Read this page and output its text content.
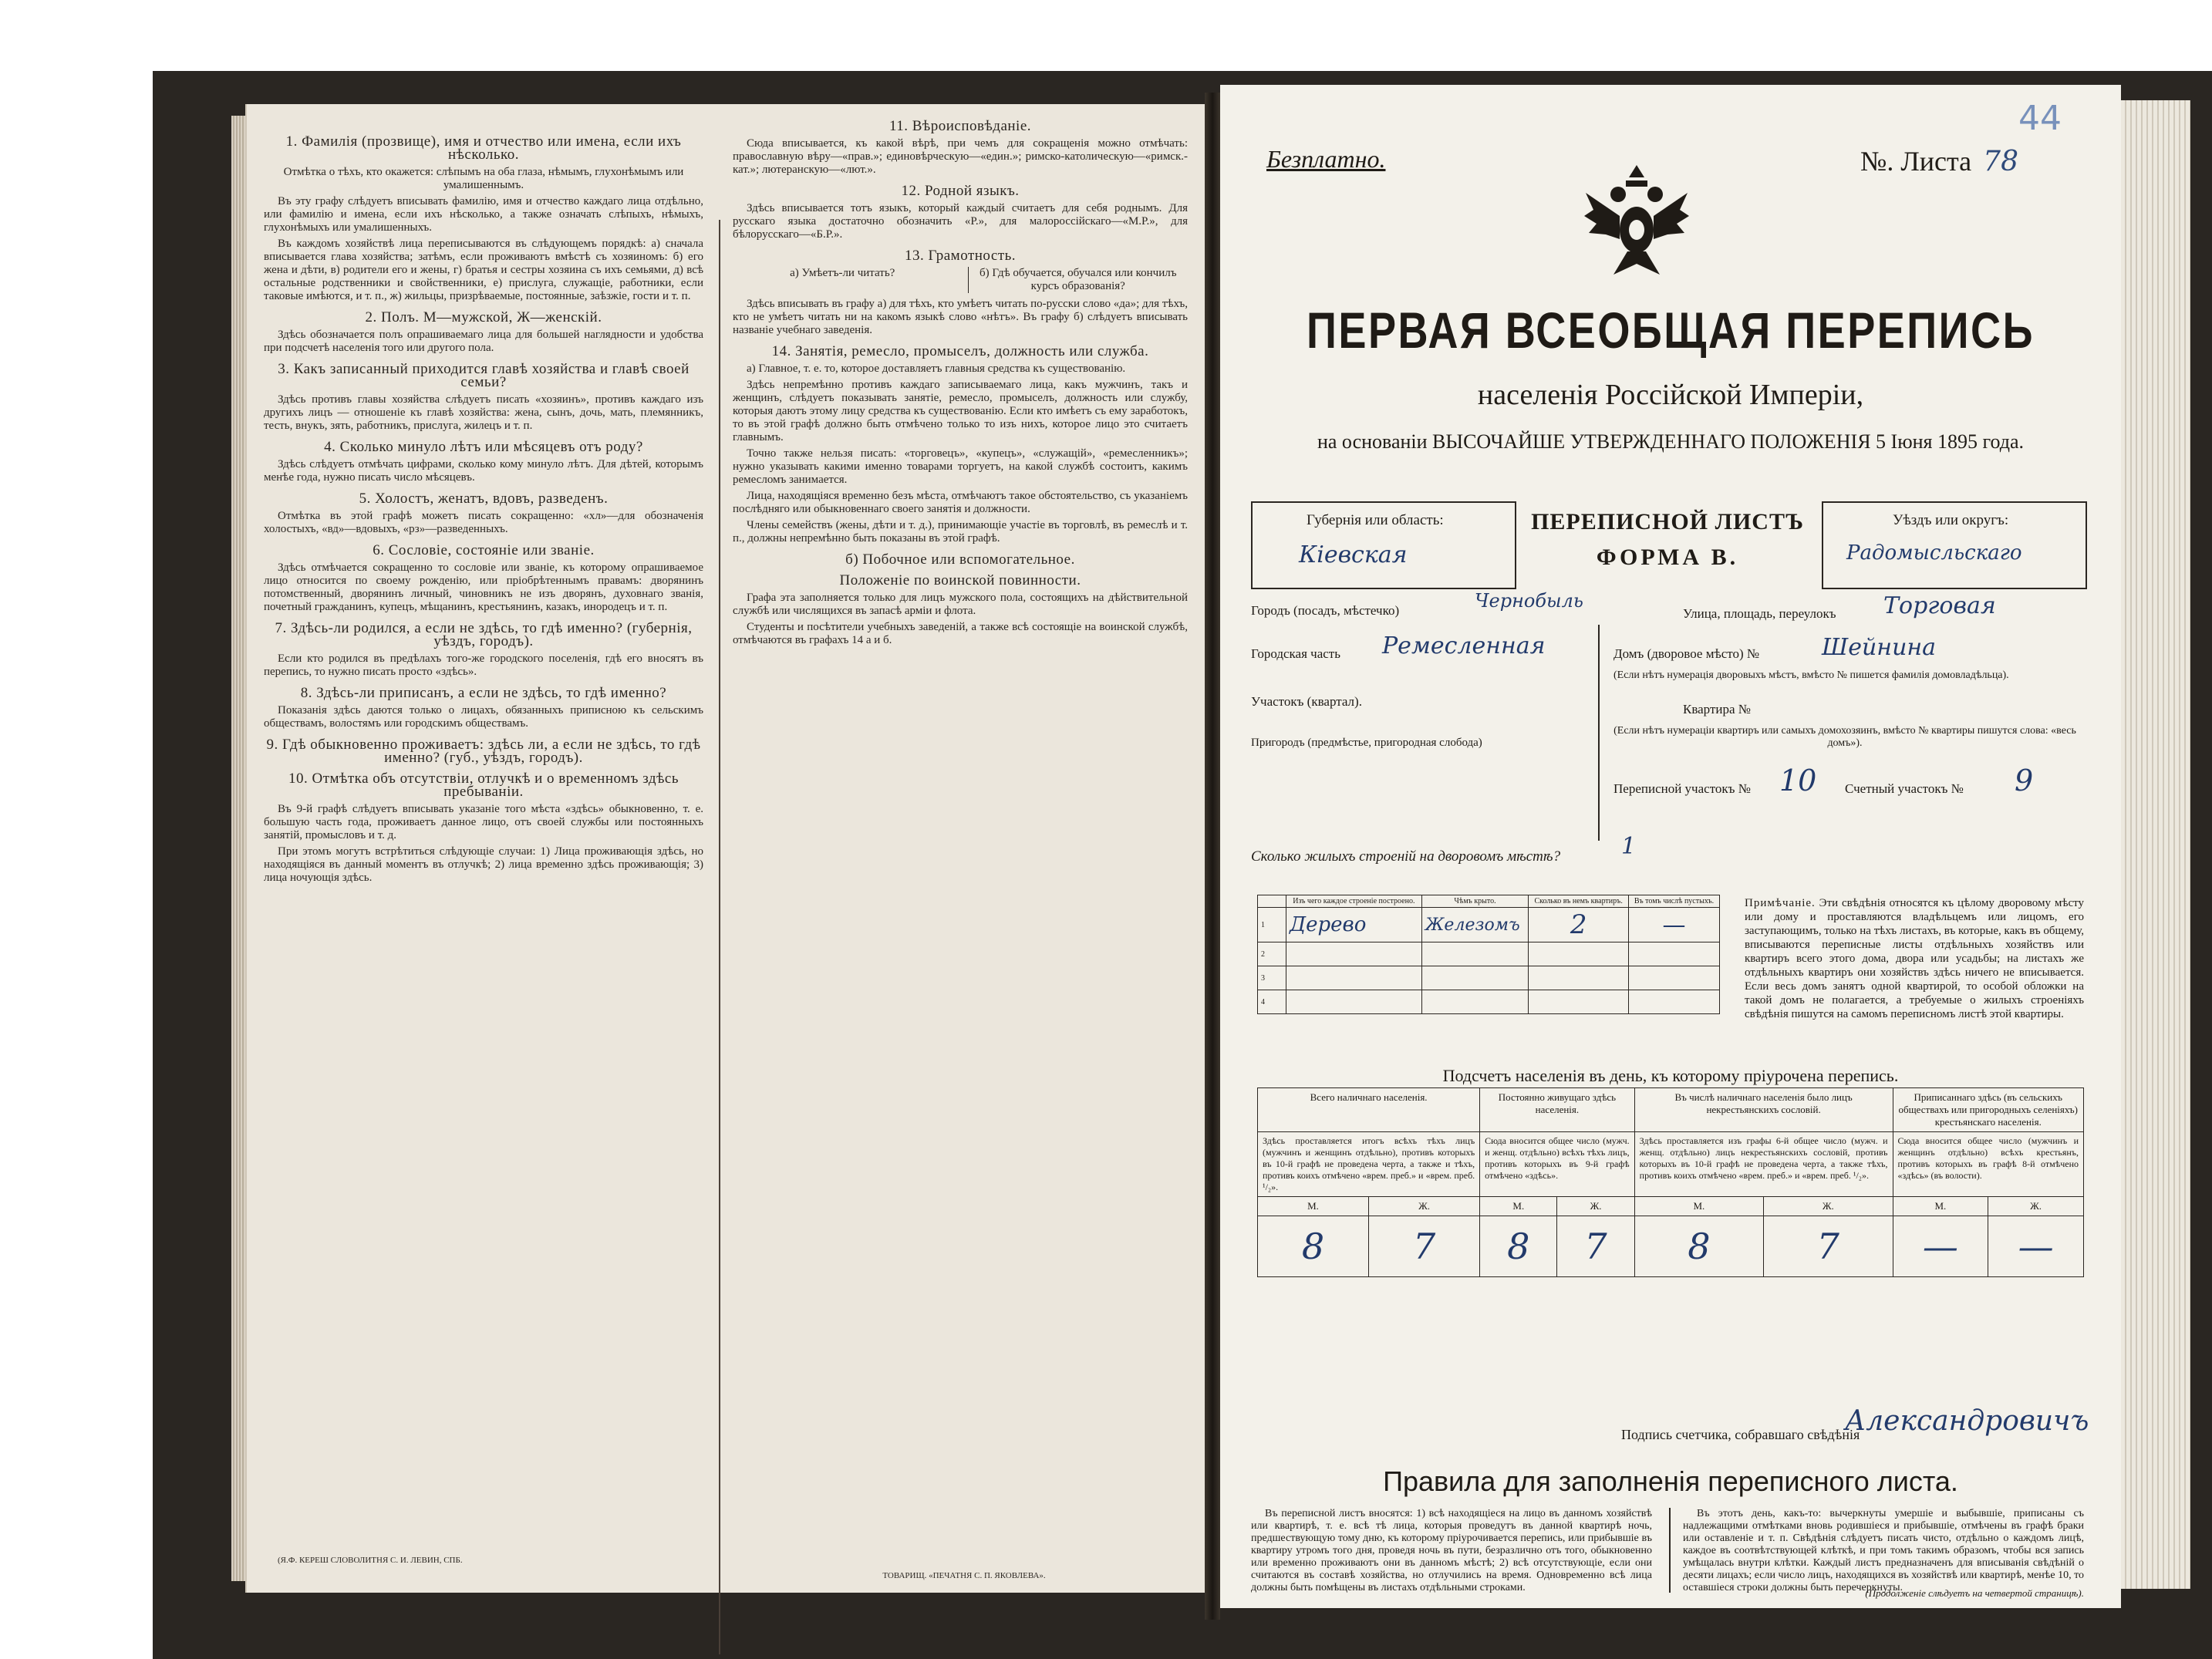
1. Фамилія (прозвище), имя и отчество или имена, если ихъ нѣсколько.

Отмѣтка о тѣхъ, кто окажется: слѣпымъ на оба глаза, нѣмымъ, глухонѣмымъ или умалишеннымъ.

Въ эту графу слѣдуетъ вписывать фамилію, имя и отчество каждаго лица отдѣльно, или фамилію и имена, если ихъ нѣсколько, а также означать слѣпыхъ, нѣмыхъ, глухонѣмыхъ или умалишенныхъ.

Въ каждомъ хозяйствѣ лица переписываются въ слѣдующемъ порядкѣ: а) сначала вписывается глава хозяйства; затѣмъ, если проживаютъ вмѣстѣ съ хозяиномъ: б) его жена и дѣти, в) родители его и жены, г) братья и сестры хозяина съ ихъ семьями, д) всѣ остальные родственники и свойственники, е) прислуга, служащіе, работники, если таковые имѣются, и т. п., ж) жильцы, призрѣваемые, постоянные, заѣзжіе, гости и т. п.

2. Полъ. М—мужской, Ж—женскій.

Здѣсь обозначается полъ опрашиваемаго лица для большей наглядности и удобства при подсчетѣ населенія того или другого пола.

3. Какъ записанный приходится главѣ хозяйства и главѣ своей семьи?

Здѣсь противъ главы хозяйства слѣдуетъ писать «хозяинъ», противъ каждаго изъ другихъ лицъ — отношеніе къ главѣ хозяйства: жена, сынъ, дочь, мать, племянникъ, тесть, внукъ, зять, работникъ, прислуга, жилецъ и т. п.

4. Сколько минуло лѣтъ или мѣсяцевъ отъ роду?

Здѣсь слѣдуетъ отмѣчать цифрами, сколько кому минуло лѣтъ. Для дѣтей, которымъ менѣе года, нужно писать число мѣсяцевъ.

5. Холостъ, женатъ, вдовъ, разведенъ.

Отмѣтка въ этой графѣ можетъ писать сокращенно: «хл»—для обозначенія холостыхъ, «вд»—вдовыхъ, «рз»—разведенныхъ.

6. Сословіе, состояніе или званіе.

Здѣсь отмѣчается сокращенно то сословіе или званіе, къ которому опрашиваемое лицо относится по своему рожденію, или пріобрѣтеннымъ правамъ: дворянинъ потомственный, дворянинъ личный, чиновникъ не изъ дворянъ, духовнаго званія, почетный гражданинъ, купецъ, мѣщанинъ, крестьянинъ, казакъ, инородецъ и т. п.

7. Здѣсь-ли родился, а если не здѣсь, то гдѣ именно? (губернія, уѣздъ, городъ).

Если кто родился въ предѣлахъ того-же городского поселенія, гдѣ его вносятъ въ перепись, то нужно писать просто «здѣсь».

8. Здѣсь-ли приписанъ, а если не здѣсь, то гдѣ именно?

Показанія здѣсь даются только о лицахъ, обязанныхъ приписною къ сельскимъ обществамъ, волостямъ или городскимъ обществамъ.

9. Гдѣ обыкновенно проживаетъ: здѣсь ли, а если не здѣсь, то гдѣ именно? (губ., уѣздъ, городъ).
10. Отмѣтка объ отсутствіи, отлучкѣ и о временномъ здѣсь пребываніи.

Въ 9-й графѣ слѣдуетъ вписывать указаніе того мѣста «здѣсь» обыкновенно, т. е. большую часть года, проживаетъ данное лицо, отъ своей службы или постоянныхъ занятій, промысловъ и т. д.

При этомъ могутъ встрѣтиться слѣдующіе случаи: 1) Лица проживающія здѣсь, но находящіяся въ данный моментъ въ отлучкѣ; 2) лица временно здѣсь проживающія; 3) лица ночующія здѣсь.

(Я.Ф. КЕРЕШ СЛОВОЛИТНЯ С. И. ЛЕВИН, СПБ.
11. Вѣроисповѣданіе.

Сюда вписывается, къ какой вѣрѣ, при чемъ для сокращенія можно отмѣчать: православную вѣру—«прав.»; единовѣрческую—«един.»; римско-католическую—«римск.-кат.»; лютеранскую—«лют.».

12. Родной языкъ.

Здѣсь вписывается тотъ языкъ, который каждый считаетъ для себя роднымъ. Для русскаго языка достаточно обозначить «Р.», для малороссійскаго—«М.Р.», для бѣлорусскаго—«Б.Р.».

13. Грамотность.
а) Умѣетъ-ли читать?	б) Гдѣ обучается, обучался или кончилъ курсъ образованія?

Здѣсь вписывать въ графу а) для тѣхъ, кто умѣетъ читать по-русски слово «да»; для тѣхъ, кто не умѣетъ читать ни на какомъ языкѣ слово «нѣтъ». Въ графу б) слѣдуетъ вписывать названіе учебнаго заведенія.

14. Занятія, ремесло, промыселъ, должность или служба.

а) Главное, т. е. то, которое доставляетъ главныя средства къ существованію.

Здѣсь непремѣнно противъ каждаго записываемаго лица, какъ мужчинъ, такъ и женщинъ, слѣдуетъ показывать занятіе, ремесло, промыселъ, должность или службу, которыя даютъ этому лицу средства къ существованію. Если кто имѣетъ съ ему заработокъ, то въ этой графѣ должно быть отмѣчено только то изъ нихъ, которое лицо это считаетъ главнымъ.

Точно также нельзя писать: «торговецъ», «купецъ», «служащій», «ремесленникъ»; нужно указывать какими именно товарами торгуетъ, на какой службѣ состоитъ, какимъ ремесломъ занимается.

Лица, находящіяся временно безъ мѣста, отмѣчаютъ такое обстоятельство, съ указаніемъ послѣдняго или обыкновеннаго своего занятія и должности.

Члены семействъ (жены, дѣти и т. д.), принимающіе участіе въ торговлѣ, въ ремеслѣ и т. п., должны непремѣнно быть показаны въ этой графѣ.

б) Побочное или вспомогательное.
Положеніе по воинской повинности.

Графа эта заполняется только для лицъ мужского пола, состоящихъ на дѣйствительной службѣ или числящихся въ запасѣ арміи и флота.

Студенты и посѣтители учебныхъ заведеній, а также всѣ состоящіе на воинской службѣ, отмѣчаются въ графахъ 14 а и б.

ТОВАРИЩ. «ПЕЧАТНЯ С. П. ЯКОВЛЕВА».
Безплатно.	№. Листа 78
44
ПЕРВАЯ ВСЕОБЩАЯ ПЕРЕПИСЬ
населенія Россійской Имперіи,
на основаніи ВЫСОЧАЙШЕ УТВЕРЖДЕННАГО ПОЛОЖЕНІЯ 5 Іюня 1895 года.
Губернія или область:
Кіевская
ПЕРЕПИСНОЙ ЛИСТЪ
ФОРМА В.
Уѣздъ или округъ:
Радомысльскаго
Городъ (посадъ, мѣстечко)	Чернобыль
Улица, площадь, переулокъ Торговая
Городская часть Ремесленная	Домъ (дворовое мѣсто) №	Шейнина
(Если нѣтъ нумерація дворовыхъ мѣстъ, вмѣсто № пишется фамилія домовладѣльца).
Участокъ (квартал).
Квартира №
(Если нѣтъ нумераціи квартиръ или самыхъ домохозяинъ, вмѣсто № квартиры пишутся слова: «весь домъ»).
Пригородъ (предмѣстье, пригородная слобода)
Переписной участокъ № 10 Счетный участокъ № 9
Сколько жилыхъ строеній на дворовомъ мѣстѣ?	1
	Изъ чего каждое строеніе построено.	Чѣмъ крыто.	Сколько въ немъ квартиръ.	Въ томъ числѣ пустыхъ.
1	Дерево	Железомъ	2	—
2				
3				
4				
Примѣчаніе. Эти свѣдѣнія относятся къ цѣлому дворовому мѣсту или дому и проставляются владѣльцемъ или лицомъ, его заступающимъ, только на тѣхъ листахъ, въ которые, какъ въ общему, вписываются переписные листы отдѣльныхъ хозяйствъ или квартиръ всего этого дома, двора или усадьбы; на листахъ же отдѣльныхъ квартиръ они хозяйствъ здѣсь ничего не вписывается. Если весь домъ занятъ одной квартирой, то особой обложки на такой домъ не полагается, а требуемые о жилыхъ строеніяхъ свѣдѣнія пишутся на самомъ переписномъ листѣ этой квартиры.
Подсчетъ населенія въ день, къ которому пріурочена перепись.
Всего наличнаго населенія.		Постоянно живущаго здѣсь населенія.		Въ числѣ наличнаго населенія было лицъ некрестьянскихъ сословій.		Приписаннаго здѣсь (въ сельскихъ обществахъ или пригородныхъ селеніяхъ) крестьянскаго населенія.	
Здѣсь проставляется итогъ всѣхъ тѣхъ лицъ (мужчинъ и женщинъ отдѣльно), противъ которыхъ въ 10-й графѣ не проведена черта, а также и тѣхъ, противъ коихъ отмѣчено «врем. преб.» и «врем. преб. ¹/₂».		Сюда вносится общее число (мужч. и женщ. отдѣльно) всѣхъ тѣхъ лицъ, противъ которыхъ въ 9-й графѣ отмѣчено «здѣсь».		Здѣсь проставляется изъ графы 6-й общее число (мужч. и женщ. отдѣльно) лицъ некрестьянскихъ сословій, противъ которыхъ въ 10-й графѣ не проведена черта, а также тѣхъ, противъ коихъ отмѣчено «врем. преб.» и «врем. преб. ¹/₂».		Сюда вносится общее число (мужчинъ и женщинъ отдѣльно) всѣхъ крестьянъ, противъ которыхъ въ графѣ 8-й отмѣчено «здѣсь» (въ волости).	
М.	Ж.	М.	Ж.	М.	Ж.	М.	Ж.
8	7	8	7	8	7	—	—
Подпись счетчика, собравшаго свѣдѣнія
Александровичъ
Правила для заполненія переписного листа.
Въ переписной листъ вносятся: 1) всѣ находящіеся на лицо въ данномъ хозяйствѣ или квартирѣ, т. е. всѣ тѣ лица, которыя проведутъ въ данной квартирѣ ночь, предшествующую тому дню, къ которому пріурочивается перепись, или прибывшіе въ квартиру утромъ того дня, проведя ночь въ пути, безразлично отъ того, обыкновенно или временно проживаютъ они въ данномъ мѣстѣ; 2) всѣ отсутствующіе, если они считаются въ составѣ хозяйства, но отлучились на время. Одновременно всѣ лица должны быть помѣщены въ листахъ отдѣльными строками.
Въ этотъ день, какъ-то: вычеркнуты умершіе и выбывшіе, приписаны съ надлежащими отмѣтками вновь родившіеся и прибывшіе, отмѣчены въ графѣ браки или оставленіе и т. п. Свѣдѣнія слѣдуетъ писать чисто, отдѣльно о каждомъ лицѣ, каждое въ соотвѣтствующей клѣткѣ, и при томъ такимъ образомъ, чтобы вся запись умѣщалась внутри клѣтки. Каждый листъ предназначенъ для вписыванія свѣдѣній о десяти лицахъ; если число лицъ, находящихся въ хозяйствѣ или квартирѣ, менѣе 10, то оставшіеся строки должны быть перечеркнуты.
(Продолженіе слѣдуетъ на четвертой страницѣ).
